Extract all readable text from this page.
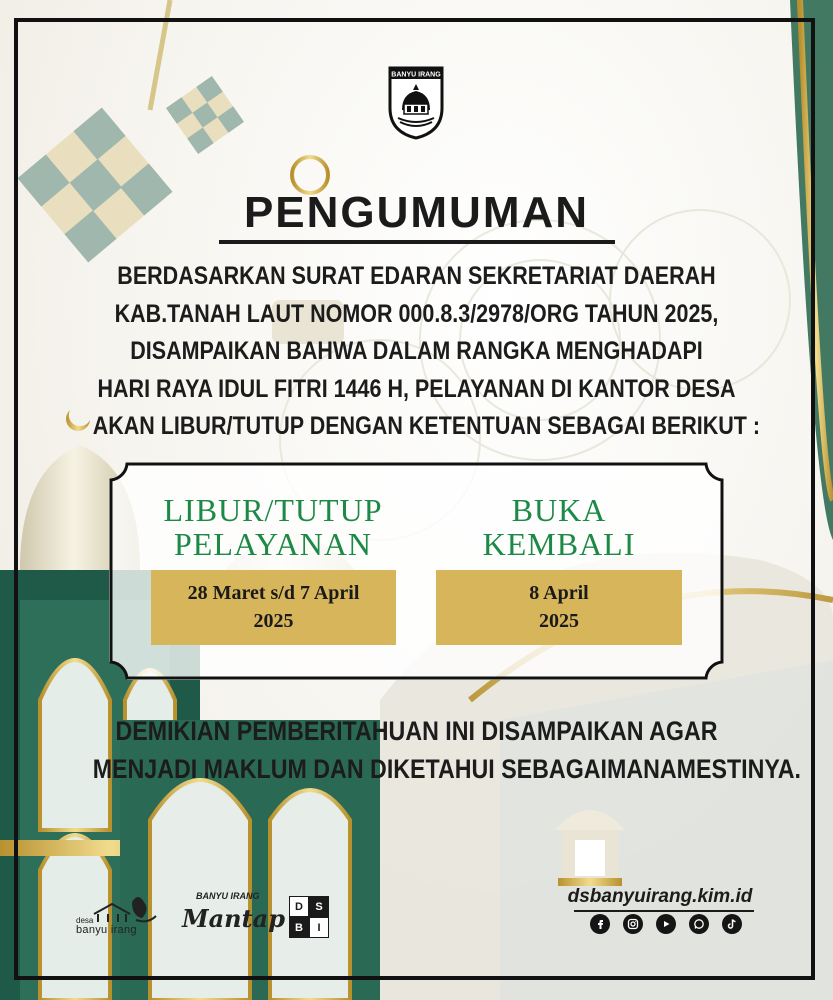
BANYU IRANG
PENGUMUMAN
BERDASARKAN SURAT EDARAN SEKRETARIAT DAERAH
KAB.TANAH LAUT NOMOR 000.8.3/2978/ORG TAHUN 2025,
DISAMPAIKAN BAHWA DALAM RANGKA MENGHADAPI
HARI RAYA IDUL FITRI 1446 H, PELAYANAN DI KANTOR DESA
AKAN LIBUR/TUTUP DENGAN KETENTUAN SEBAGAI BERIKUT :
LIBUR/TUTUP
PELAYANAN
BUKA
KEMBALI
28 Maret s/d 7 April
2025
8 April
2025
DEMIKIAN PEMBERITAHUAN INI DISAMPAIKAN AGAR
MENJADI MAKLUM DAN DIKETAHUI SEBAGAIMANAMESTINYA.
desa
banyu irang
BANYU IRANG
Mantap D	S
B	I
dsbanyuirang.kim.id
